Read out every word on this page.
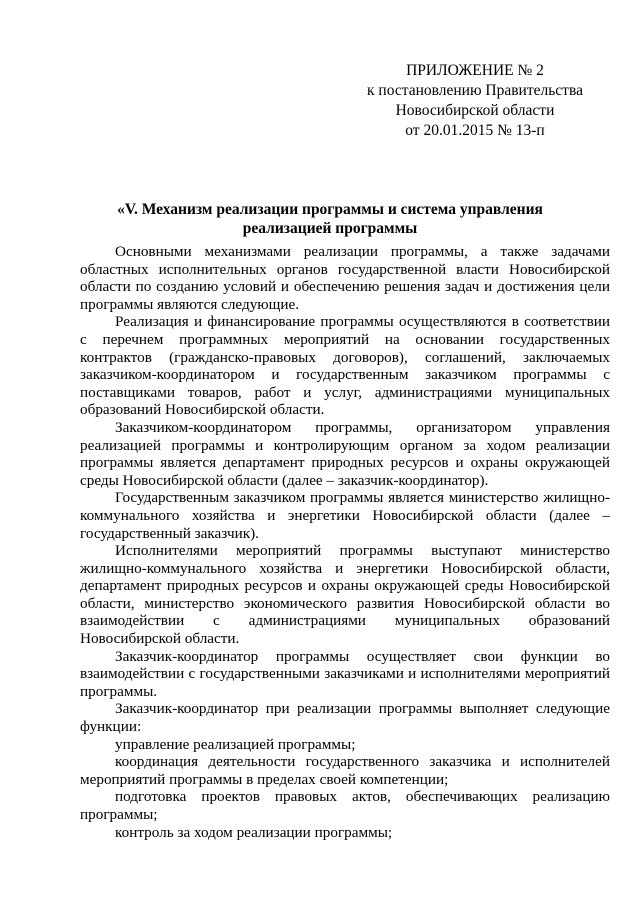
ПРИЛОЖЕНИЕ № 2
к постановлению Правительства
Новосибирской области
от 20.01.2015 № 13-п
«V. Механизм реализации программы и система управления
реализацией программы

Основными механизмами реализации программы, а также задачами областных исполнительных органов государственной власти Новосибирской области по созданию условий и обеспечению решения задач и достижения цели программы являются следующие.

Реализация и финансирование программы осуществляются в соответствии с перечнем программных мероприятий на основании государственных контрактов (гражданско-правовых договоров), соглашений, заключаемых заказчиком-координатором и государственным заказчиком программы с поставщиками товаров, работ и услуг, администрациями муниципальных образований Новосибирской области.

Заказчиком-координатором программы, организатором управления реализацией программы и контролирующим органом за ходом реализации программы является департамент природных ресурсов и охраны окружающей среды Новосибирской области (далее – заказчик-координатор).

Государственным заказчиком программы является министерство жилищно-коммунального хозяйства и энергетики Новосибирской области (далее – государственный заказчик).

Исполнителями мероприятий программы выступают министерство жилищно-коммунального хозяйства и энергетики Новосибирской области, департамент природных ресурсов и охраны окружающей среды Новосибирской области, министерство экономического развития Новосибирской области во взаимодействии с администрациями муниципальных образований Новосибирской области.

Заказчик-координатор программы осуществляет свои функции во взаимодействии с государственными заказчиками и исполнителями мероприятий программы.

Заказчик-координатор при реализации программы выполняет следующие функции:

управление реализацией программы;

координация деятельности государственного заказчика и исполнителей мероприятий программы в пределах своей компетенции;

подготовка проектов правовых актов, обеспечивающих реализацию программы;

контроль за ходом реализации программы;
